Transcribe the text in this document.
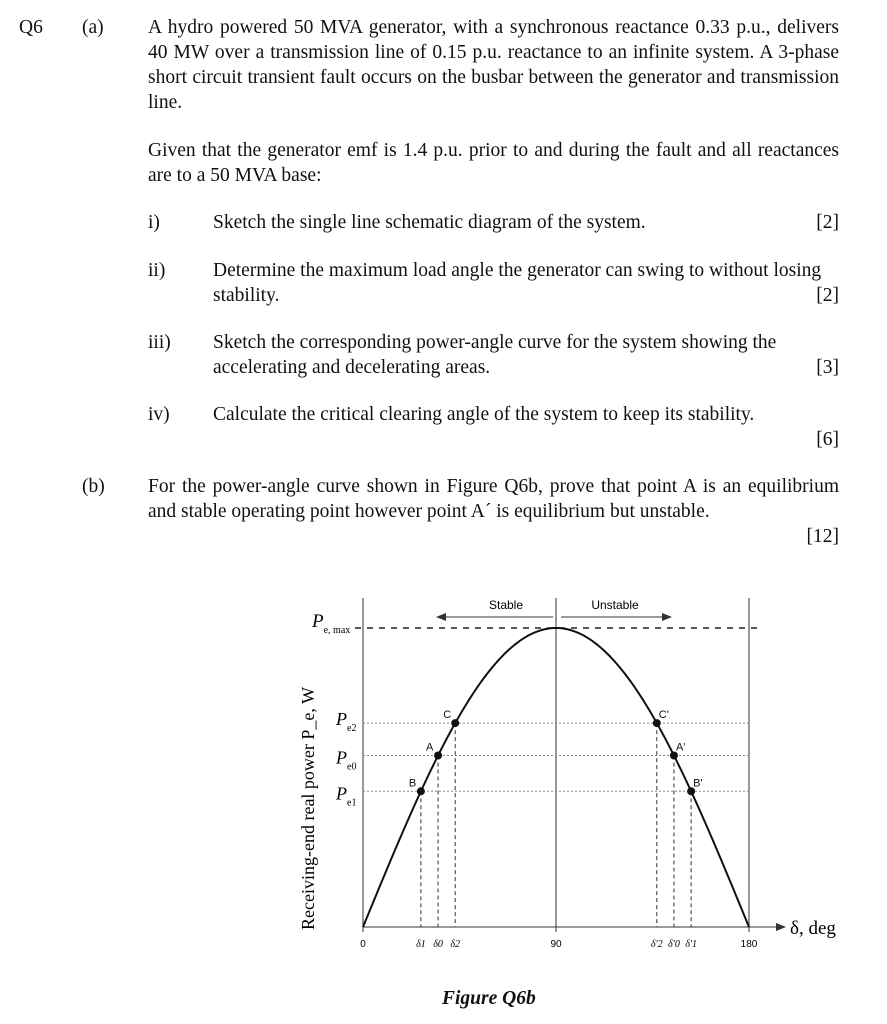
Q6 (a) A hydro powered 50 MVA generator, with a synchronous reactance 0.33 p.u., delivers 40 MW over a transmission line of 0.15 p.u. reactance to an infinite system. A 3-phase short circuit transient fault occurs on the busbar between the generator and transmission line.
Given that the generator emf is 1.4 p.u. prior to and during the fault and all reactances are to a 50 MVA base:
i)	Sketch the single line schematic diagram of the system.	[2]
ii) Determine the maximum load angle the generator can swing to without losing stability.	[2]
iii) Sketch the corresponding power-angle curve for the system showing the accelerating and decelerating areas.	[3]
iv) Calculate the critical clearing angle of the system to keep its stability.
[6]
(b) For the power-angle curve shown in Figure Q6b, prove that point A is an equilibrium and stable operating point however point Aˊ is equilibrium but unstable.
[12]
B
A
C	C'
A'
B'
0	90	180
δ1 δ0 δ2	δ'2 δ'0 δ'1
δ, deg
Stable	Unstable
$P_{e, max}$
$P_{e2}$
$P_{e0}$
$P_{e1}$
Receiving-end real power P_e, W
Figure Q6b
